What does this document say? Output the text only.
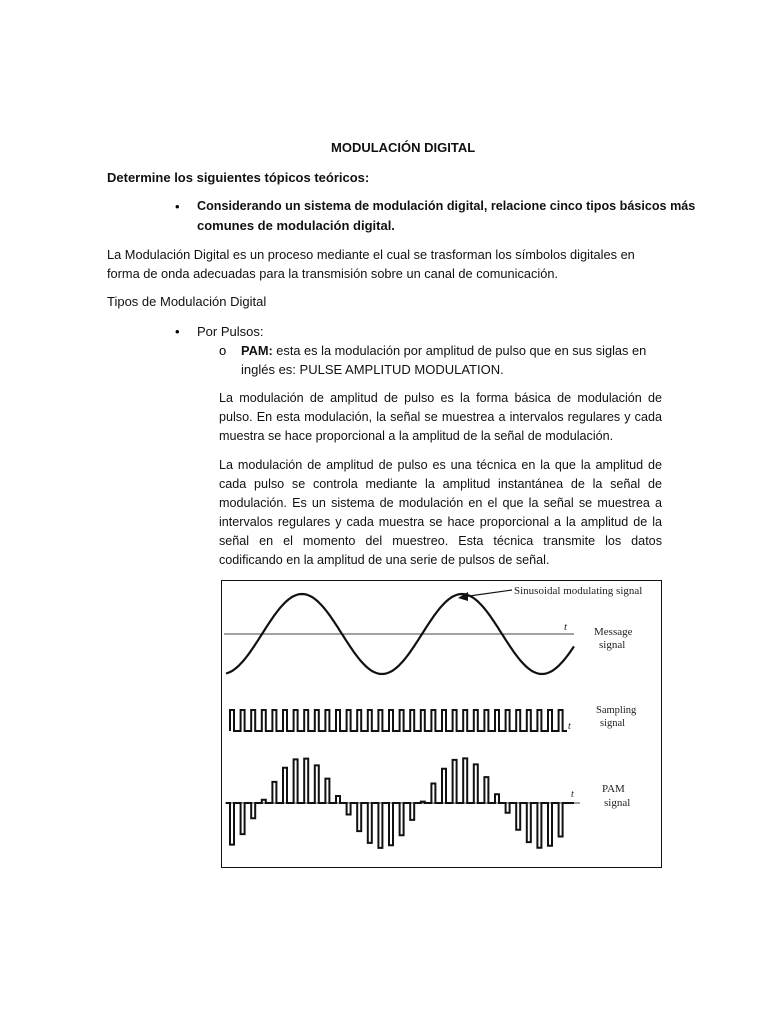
MODULACIÓN DIGITAL

Determine los siguientes tópicos teóricos:

• Considerando un sistema de modulación digital, relacione cinco tipos básicos más

comunes de modulación digital.

La Modulación Digital es un proceso mediante el cual se trasforman los símbolos digitales en forma de onda adecuadas para la transmisión sobre un canal de comunicación.

Tipos de Modulación Digital

• Por Pulsos:

o PAM: esta es la modulación por amplitud de pulso que en sus siglas en

inglés es: PULSE AMPLITUD MODULATION.

La modulación de amplitud de pulso es la forma básica de modulación de pulso. En esta modulación, la señal se muestrea a intervalos regulares y cada muestra se hace proporcional a la amplitud de la señal de modulación.

La modulación de amplitud de pulso es una técnica en la que la amplitud de cada pulso se controla mediante la amplitud instantánea de la señal de modulación. Es un sistema de modulación en el que la señal se muestrea a intervalos regulares y cada muestra se hace proporcional a la amplitud de la señal en el momento del muestreo. Esta técnica transmite los datos codificando en la amplitud de una serie de pulsos de señal.

Sinusoidal modulating signal
t Message
signal
t
Sampling
signal
t	PAM
signal
